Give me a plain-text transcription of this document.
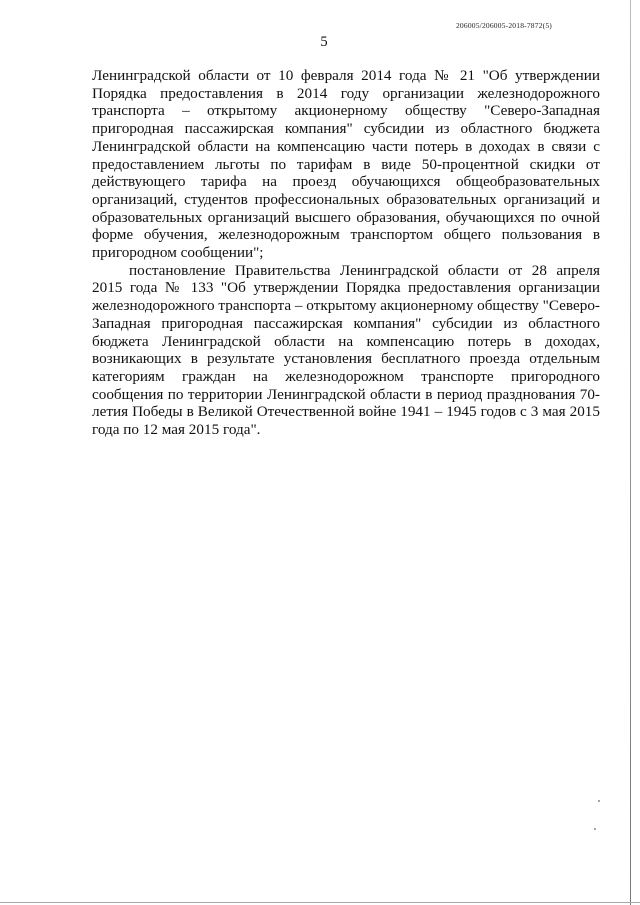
206005/206005-2018-7872(5)
5

Ленинградской области от 10 февраля 2014 года № 21 "Об утверждении Порядка предоставления в 2014 году организации железнодорожного транспорта – открытому акционерному обществу "Северо-Западная пригородная пассажирская компания" субсидии из областного бюджета Ленинградской области на компенсацию части потерь в доходах в связи с предоставлением льготы по тарифам в виде 50-процентной скидки от действующего тарифа на проезд обучающихся общеобразовательных организаций, студентов профессиональных образовательных организаций и образовательных организаций высшего образования, обучающихся по очной форме обучения, железнодорожным транспортом общего пользования в пригородном сообщении";

постановление Правительства Ленинградской области от 28 апреля 2015 года № 133 "Об утверждении Порядка предоставления организации железнодорожного транспорта – открытому акционерному обществу "Северо-Западная пригородная пассажирская компания" субсидии из областного бюджета Ленинградской области на компенсацию потерь в доходах, возникающих в результате установления бесплатного проезда отдельным категориям граждан на железнодорожном транспорте пригородного сообщения по территории Ленинградской области в период празднования 70-летия Победы в Великой Отечественной войне 1941 – 1945 годов с 3 мая 2015 года по 12 мая 2015 года".
